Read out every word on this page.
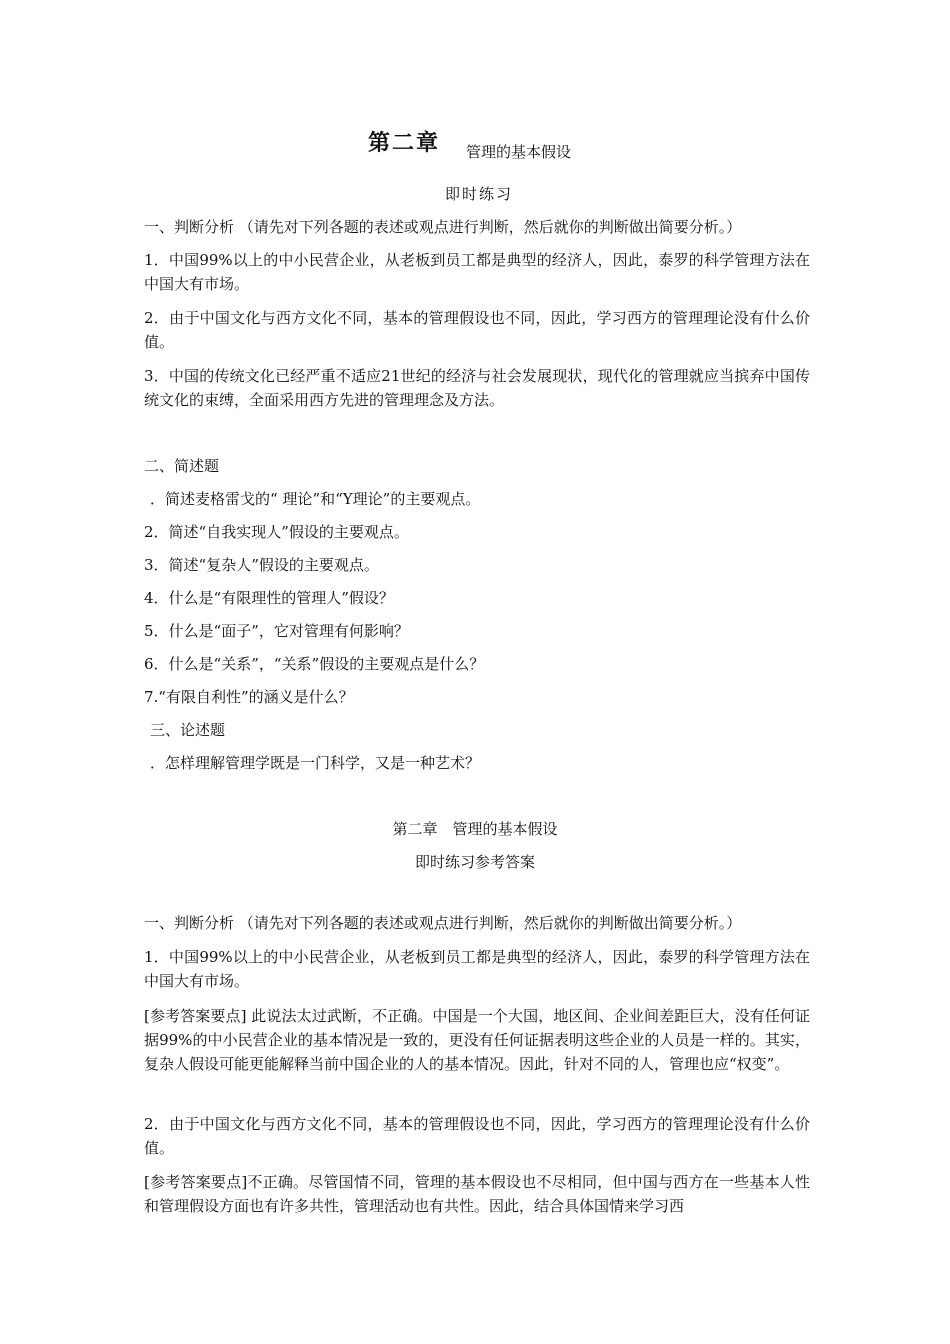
第二章 管理的基本假设
即时练习
一、判断分析 （请先对下列各题的表述或观点进行判断，然后就你的判断做出简要分析。）
1．中国99%以上的中小民营企业，从老板到员工都是典型的经济人，因此，泰罗的科学管理方法在中国大有市场。
2．由于中国文化与西方文化不同，基本的管理假设也不同，因此，学习西方的管理理论没有什么价值。
3．中国的传统文化已经严重不适应21世纪的经济与社会发展现状，现代化的管理就应当摈弃中国传统文化的束缚，全面采用西方先进的管理理念及方法。
二、简述题
．简述麦格雷戈的“ 理论”和“Y理论”的主要观点。
2．简述“自我实现人”假设的主要观点。
3．简述“复杂人”假设的主要观点。
4．什么是“有限理性的管理人”假设？
5．什么是“面子”，它对管理有何影响？
6．什么是“关系”，“关系”假设的主要观点是什么？
7.“有限自利性”的涵义是什么？
三、论述题
．怎样理解管理学既是一门科学，又是一种艺术？
第二章　管理的基本假设
即时练习参考答案
一、判断分析 （请先对下列各题的表述或观点进行判断，然后就你的判断做出简要分析。）
1．中国99%以上的中小民营企业，从老板到员工都是典型的经济人，因此，泰罗的科学管理方法在中国大有市场。
[参考答案要点] 此说法太过武断，不正确。中国是一个大国，地区间、企业间差距巨大，没有任何证据99%的中小民营企业的基本情况是一致的，更没有任何证据表明这些企业的人员是一样的。其实，复杂人假设可能更能解释当前中国企业的人的基本情况。因此，针对不同的人，管理也应“权变”。
2．由于中国文化与西方文化不同，基本的管理假设也不同，因此，学习西方的管理理论没有什么价值。
[参考答案要点]不正确。尽管国情不同，管理的基本假设也不尽相同，但中国与西方在一些基本人性和管理假设方面也有许多共性，管理活动也有共性。因此，结合具体国情来学习西
